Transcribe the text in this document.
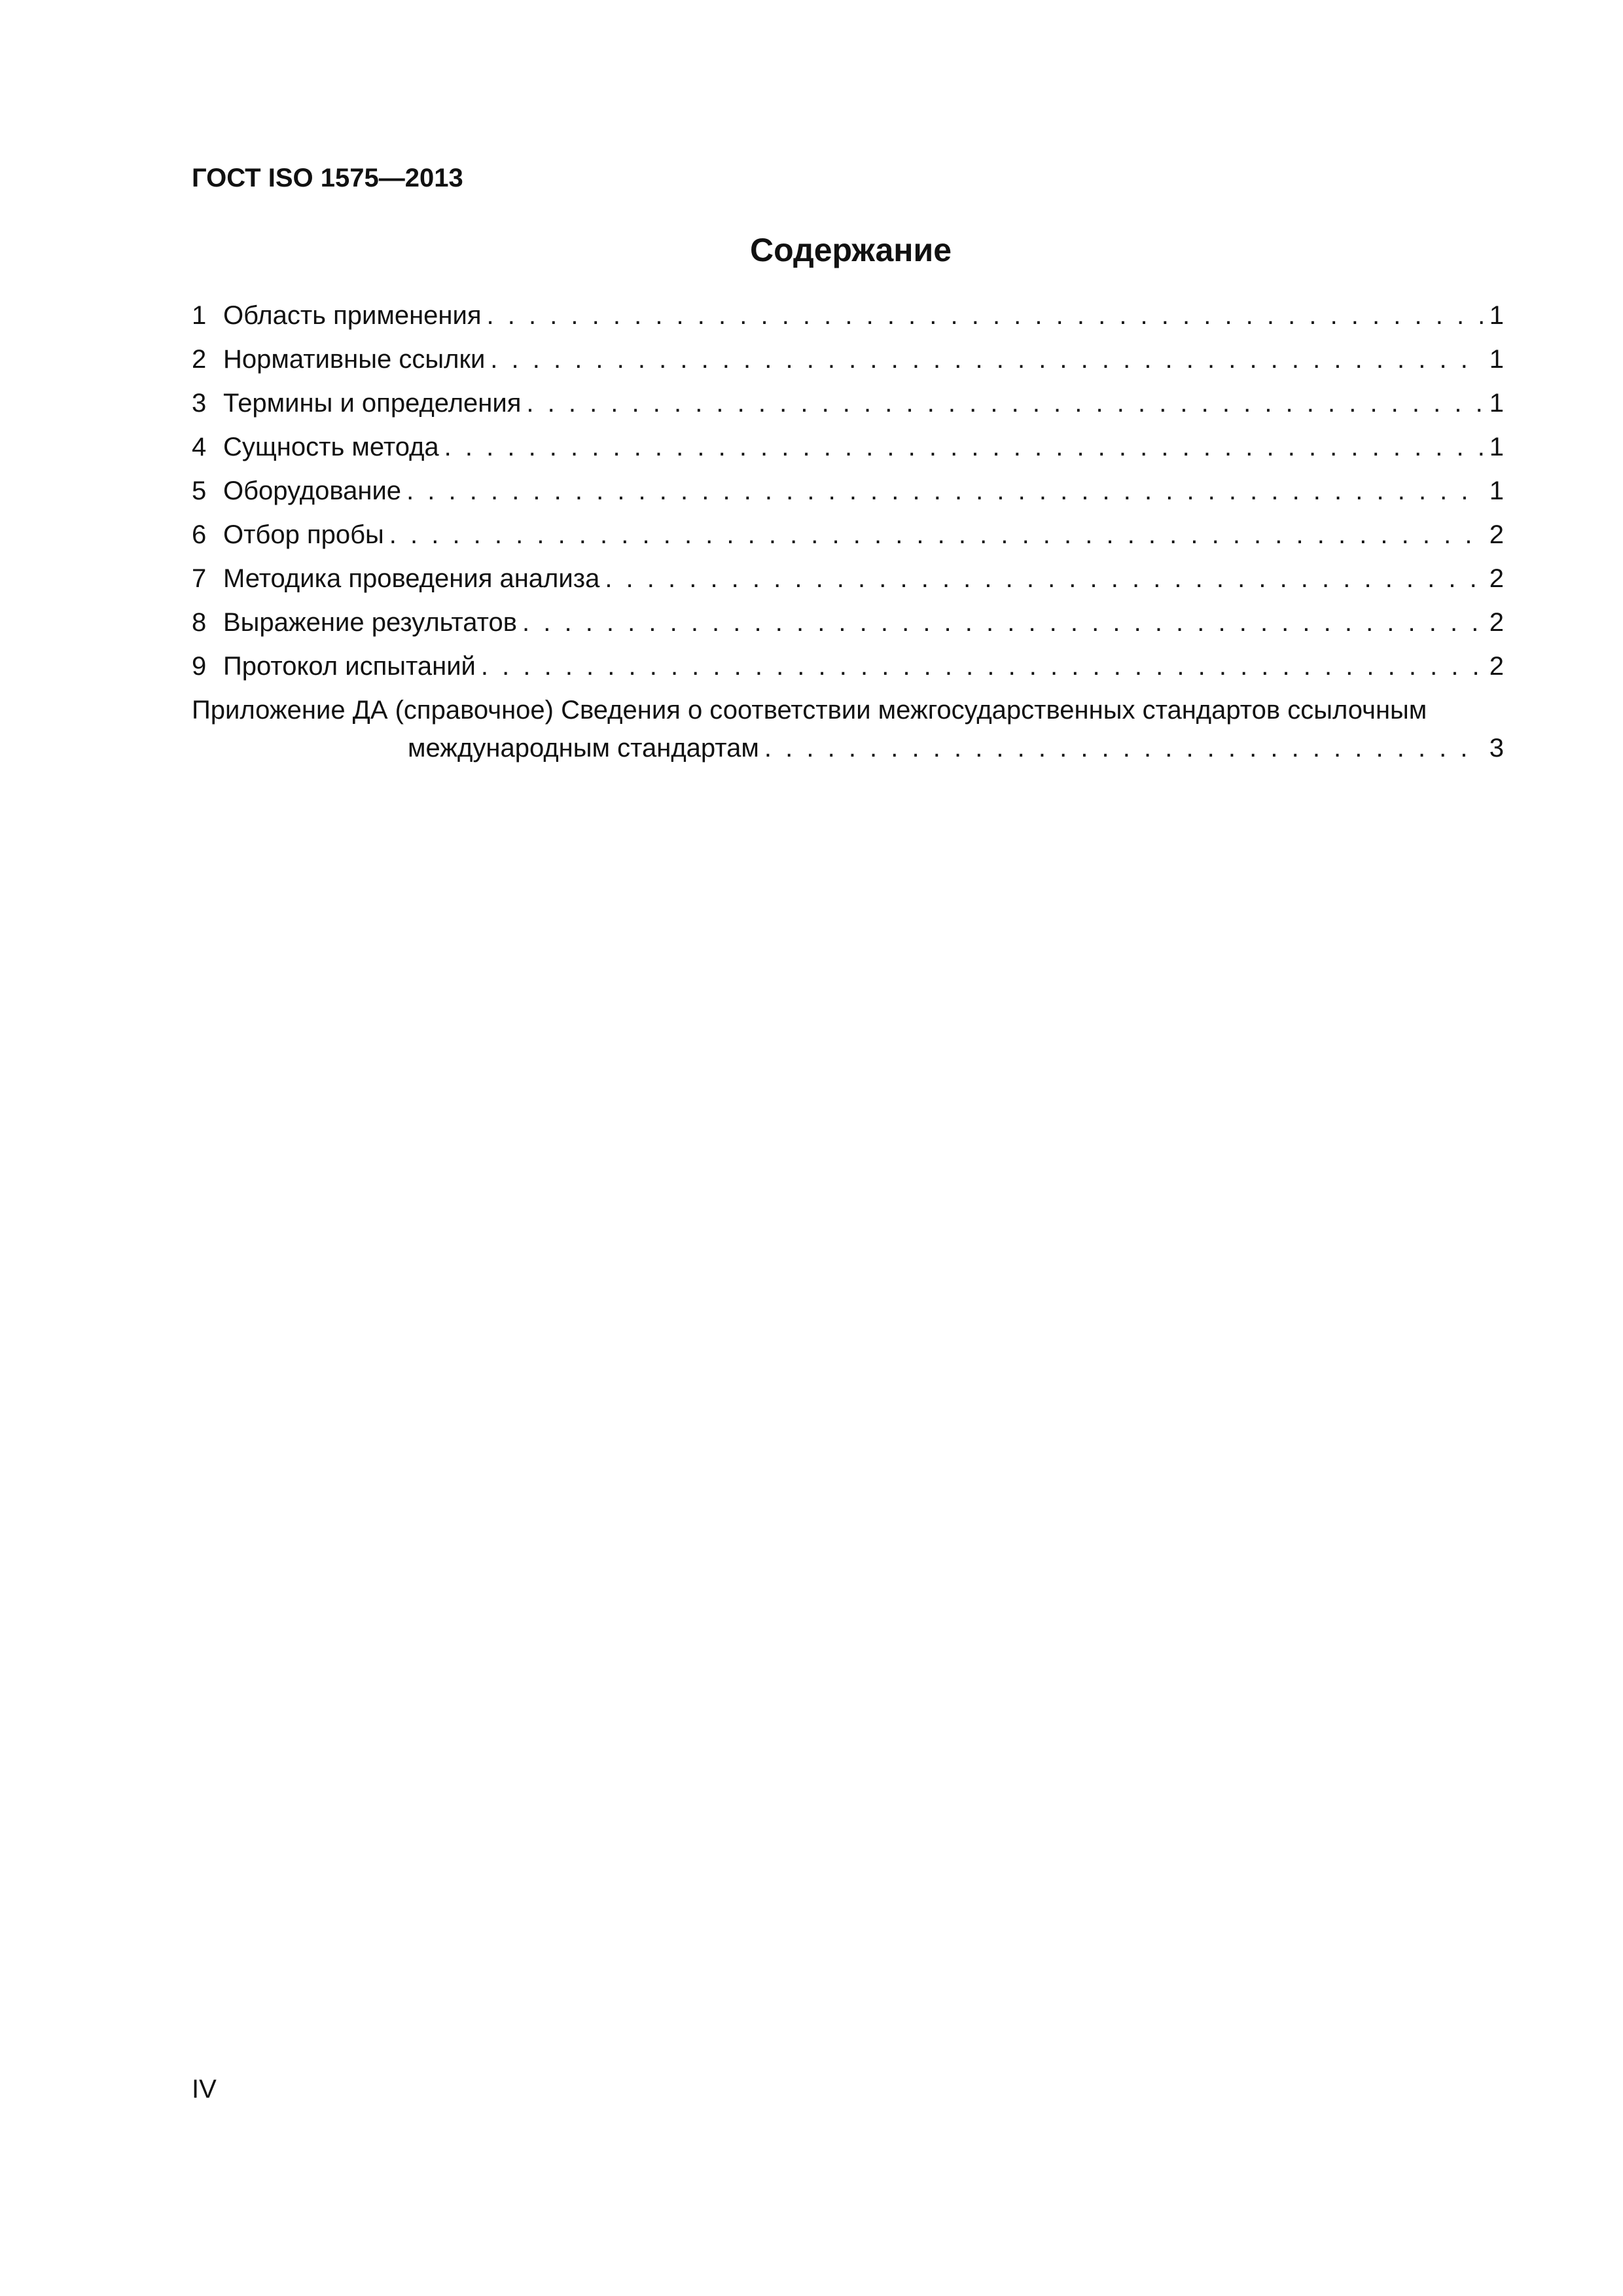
ГОСТ ISO 1575—2013
Содержание
1 Область применения . . .	1
2 Нормативные ссылки . . .	1
3 Термины и определения . . .	1
4 Сущность метода . . .	1
5 Оборудование . . .	1
6 Отбор пробы . . .	2
7 Методика проведения анализа . . .	2
8 Выражение результатов . . .	2
9 Протокол испытаний . . .	2
Приложение ДА (справочное) Сведения о соответствии межгосударственных стандартов ссылочным
международным стандартам . . .	3
IV
